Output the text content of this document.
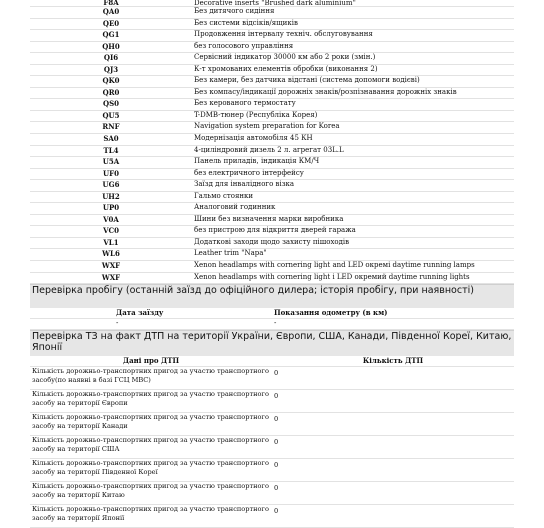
F8A	Decorative inserts "Brushed dark aluminium"
QA0	Без дитячого сидіння
QE0	Без системи відсіків/ящиків
QG1	Продовження інтервалу техніч. обслуговування
QH0	без голосового управління
QI6	Сервісний індикатор 30000 км або 2 роки (змін.)
QJ3	К-т хромованих елементів обробки (виконання 2)
QK0	Без камери, без датчика відстані (система допомоги водієві)
QR0	Без компасу/індикації дорожніх знаків/розпізнавання дорожніх знаків
QS0	Без керованого термостату
QU5	T-DMB-тюнер (Республіка Корея)
RNF	Navigation system preparation for Korea
SA0	Модернізація автомобіля 45 КН
TL4	4-циліндровий дизель 2 л. агрегат 03L.L
U5A	Панель приладів, індикація КМ/Ч
UF0	без електричного інтерфейсу
UG6	Заїзд для інвалідного візка
UH2	Гальмо стоянки
UP0	Аналоговий годинник
V0A	Шини без визначення марки виробника
VC0	без пристрою для відкриття дверей гаража
VL1	Додаткові заходи щодо захисту пішоходів
WL6	Leather trim "Napa"
WXF	Xenon headlamps with cornering light and LED окремі daytime running lamps
WXF	Xenon headlamps with cornering light і LED окремий daytime running lights
Перевірка пробігу (останній заїзд до офіційного дилера; історія пробігу, при наявності)	
Дата заїзду	Показання одометру (в км)
-	-
Перевірка ТЗ на факт ДТП на території України, Європи, США, Канади, Південної Кореї, Китаю, Японії	
Дані про ДТП	Кількість ДТП
Кількість дорожньо-транспортних пригод за участю транспортного засобу(по наявні в базі ГСЦ МВС)	0
Кількість дорожньо-транспортних пригод за участю транспортного засобу на території Європи	0
Кількість дорожньо-транспортних пригод за участю транспортного засобу на території Канади	0
Кількість дорожньо-транспортних пригод за участю транспортного засобу на території США	0
Кількість дорожньо-транспортних пригод за участю транспортного засобу на території Південної Кореї	0
Кількість дорожньо-транспортних пригод за участю транспортного засобу на території Китаю	0
Кількість дорожньо-транспортних пригод за участю транспортного засобу на території Японії	0
